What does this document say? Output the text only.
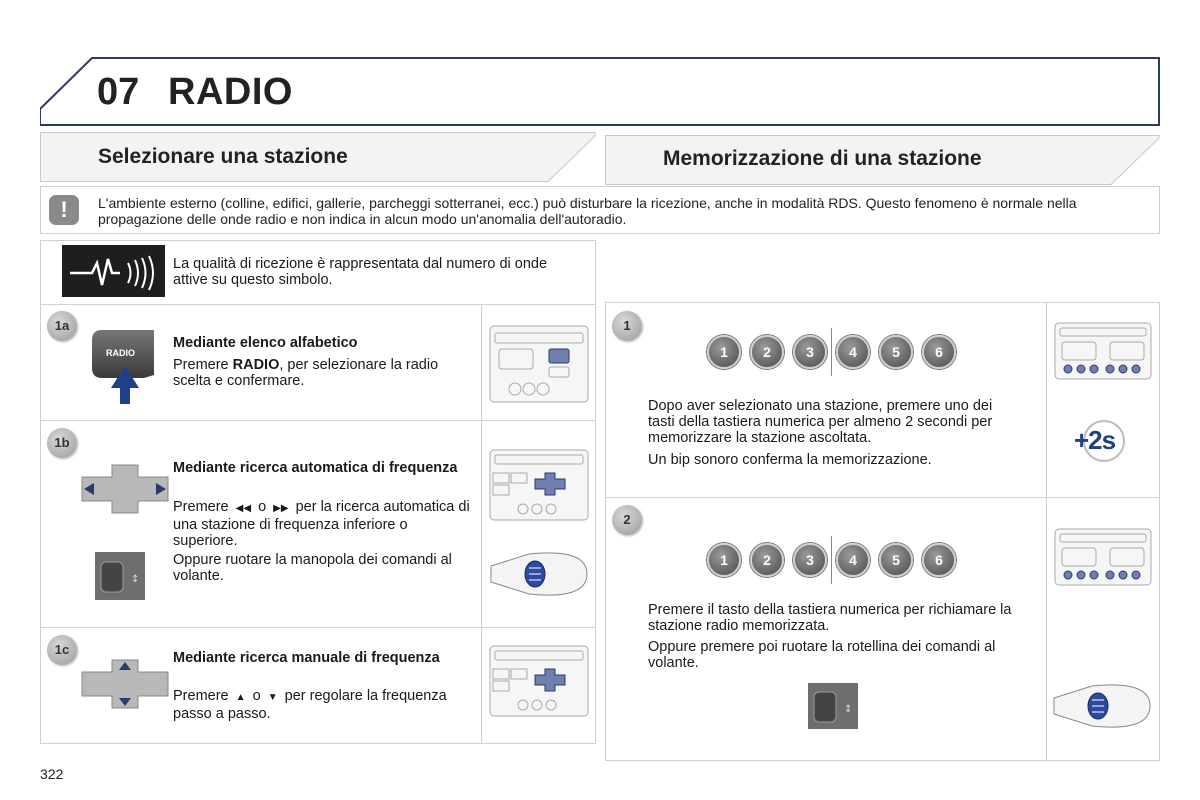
07 RADIO
Selezionare una stazione	Memorizzazione di una stazione
!	L'ambiente esterno (colline, edifici, gallerie, parcheggi sotterranei, ecc.) può disturbare la ricezione, anche in modalità RDS. Questo fenomeno è normale nella propagazione delle onde radio e non indica in alcun modo un'anomalia dell'autoradio.
La qualità di ricezione è rappresentata dal numero di onde attive su questo simbolo.
1a
RADIO
Mediante elenco alfabetico
Premere RADIO, per selezionare la radio scelta e confermare.
1b
Mediante ricerca automatica di frequenza
Premere ◀◀ o ▶▶ per la ricerca automatica di una stazione di frequenza inferiore o superiore.
↕
Oppure ruotare la manopola dei comandi al volante.
1c
Mediante ricerca manuale di frequenza
Premere ▲ o ▼ per regolare la frequenza passo a passo.
1
1	2	3	4	5	6
Dopo aver selezionato una stazione, premere uno dei tasti della tastiera numerica per almeno 2 secondi per memorizzare la stazione ascoltata.
Un bip sonoro conferma la memorizzazione.
+2s
2
1	2	3	4	5	6
Premere il tasto della tastiera numerica per richiamare la stazione radio memorizzata.
Oppure premere poi ruotare la rotellina dei comandi al volante.
↕
322
